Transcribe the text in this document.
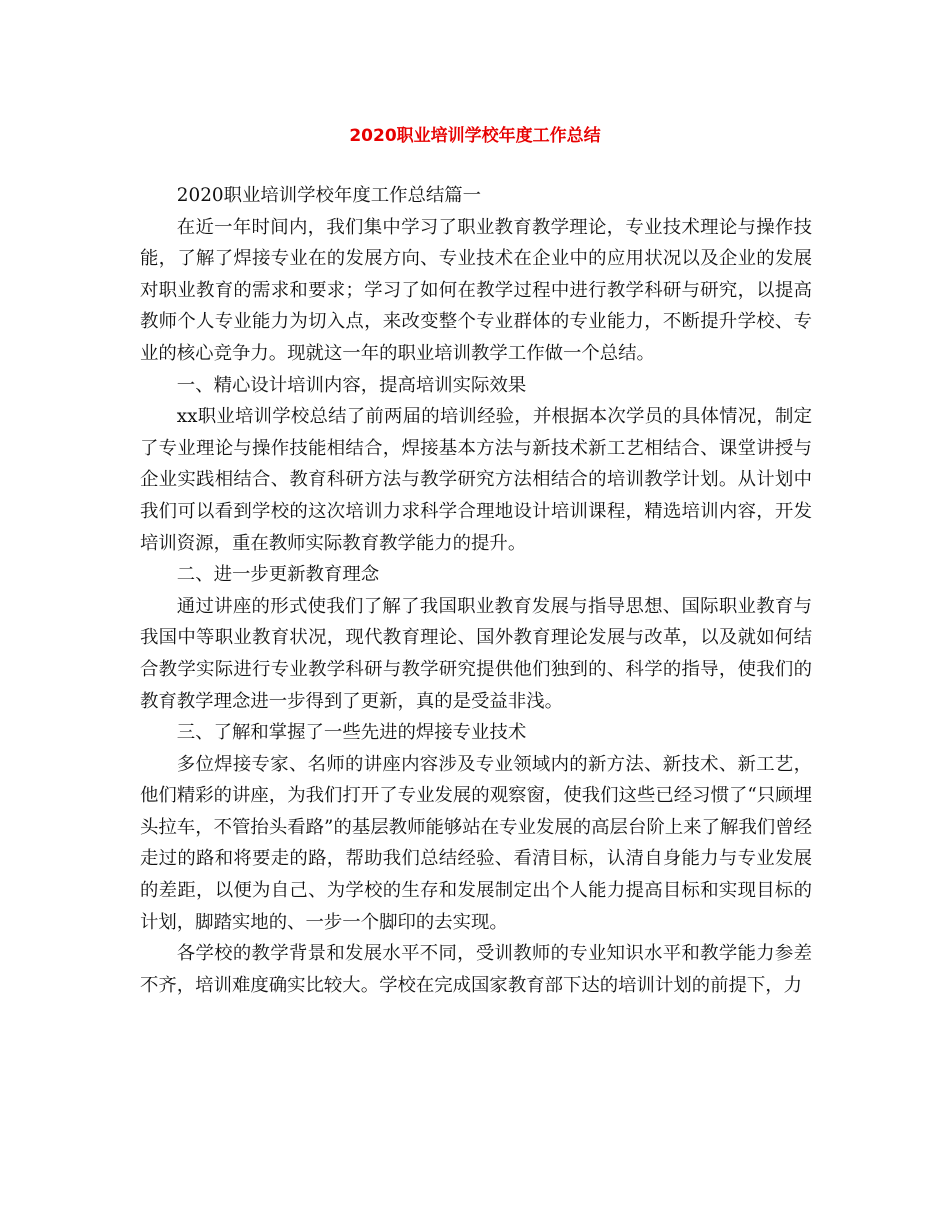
2020职业培训学校年度工作总结

2020职业培训学校年度工作总结篇一

在近一年时间内，我们集中学习了职业教育教学理论，专业技术理论与操作技能，了解了焊接专业在的发展方向、专业技术在企业中的应用状况以及企业的发展对职业教育的需求和要求；学习了如何在教学过程中进行教学科研与研究，以提高教师个人专业能力为切入点，来改变整个专业群体的专业能力，不断提升学校、专业的核心竞争力。现就这一年的职业培训教学工作做一个总结。

一、精心设计培训内容，提高培训实际效果

xx职业培训学校总结了前两届的培训经验，并根据本次学员的具体情况，制定了专业理论与操作技能相结合，焊接基本方法与新技术新工艺相结合、课堂讲授与企业实践相结合、教育科研方法与教学研究方法相结合的培训教学计划。从计划中我们可以看到学校的这次培训力求科学合理地设计培训课程，精选培训内容，开发培训资源，重在教师实际教育教学能力的提升。

二、进一步更新教育理念

通过讲座的形式使我们了解了我国职业教育发展与指导思想、国际职业教育与我国中等职业教育状况，现代教育理论、国外教育理论发展与改革，以及就如何结合教学实际进行专业教学科研与教学研究提供他们独到的、科学的指导，使我们的教育教学理念进一步得到了更新，真的是受益非浅。

三、了解和掌握了一些先进的焊接专业技术

多位焊接专家、名师的讲座内容涉及专业领域内的新方法、新技术、新工艺，他们精彩的讲座，为我们打开了专业发展的观察窗，使我们这些已经习惯了“只顾埋头拉车，不管抬头看路”的基层教师能够站在专业发展的高层台阶上来了解我们曾经走过的路和将要走的路，帮助我们总结经验、看清目标，认清自身能力与专业发展的差距，以便为自己、为学校的生存和发展制定出个人能力提高目标和实现目标的计划，脚踏实地的、一步一个脚印的去实现。

各学校的教学背景和发展水平不同，受训教师的专业知识水平和教学能力参差不齐，培训难度确实比较大。学校在完成国家教育部下达的培训计划的前提下，力
